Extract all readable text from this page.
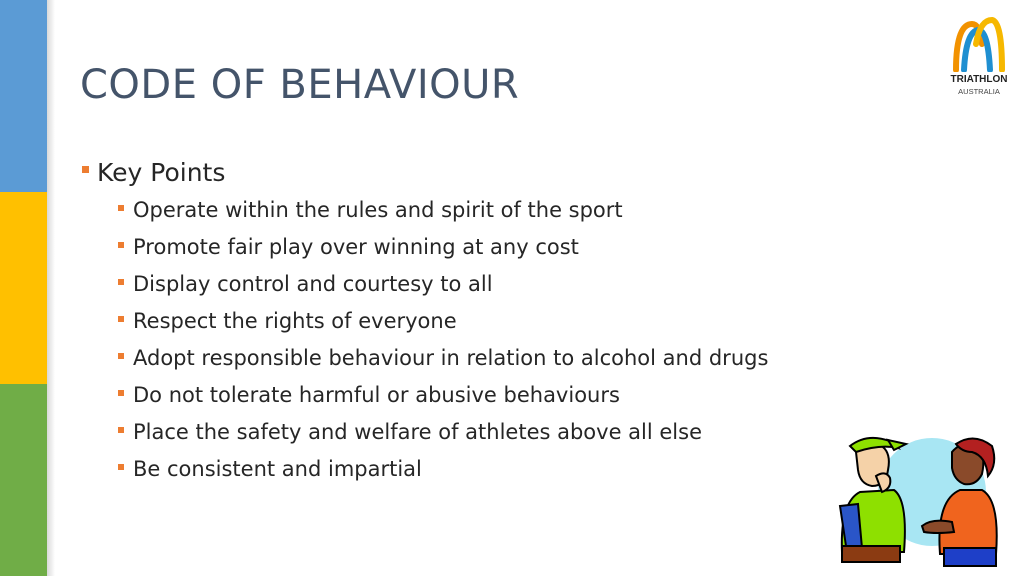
CODE OF BEHAVIOUR	TRIATHLON
AUSTRALIA
Key Points
Operate within the rules and spirit of the sport
Promote fair play over winning at any cost
Display control and courtesy to all
Respect the rights of everyone
Adopt responsible behaviour in relation to alcohol and drugs
Do not tolerate harmful or abusive behaviours
Place the safety and welfare of athletes above all else
Be consistent and impartial
